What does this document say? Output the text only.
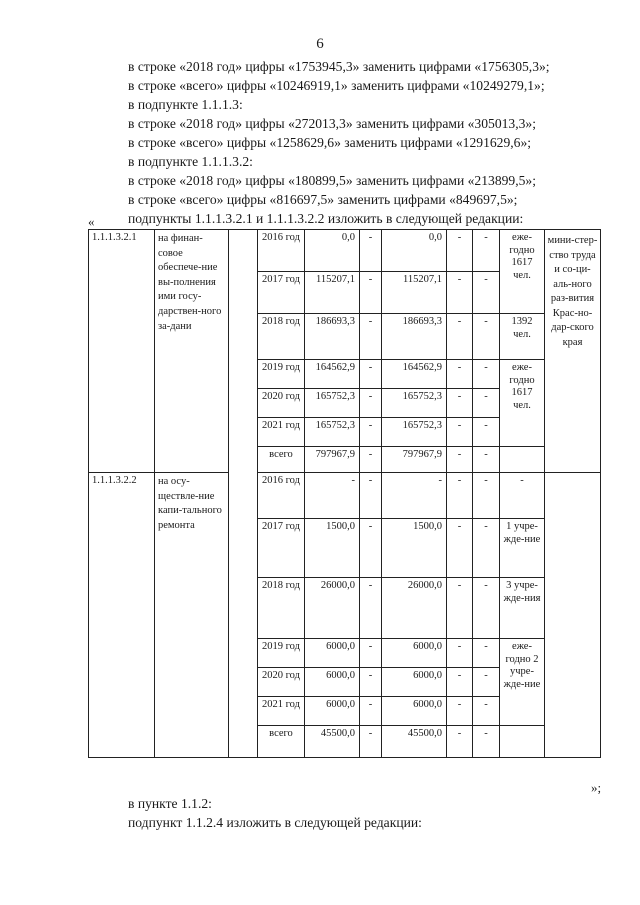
6
в строке «2018 год» цифры «1753945,3» заменить цифрами «1756305,3»;
в строке «всего» цифры «10246919,1» заменить цифрами «10249279,1»;
в подпункте 1.1.1.3:
в строке «2018 год» цифры «272013,3» заменить цифрами «305013,3»;
в строке «всего» цифры «1258629,6» заменить цифрами «1291629,6»;
в подпункте 1.1.1.3.2:
в строке «2018 год» цифры «180899,5» заменить цифрами «213899,5»;
в строке «всего» цифры «816697,5» заменить цифрами «849697,5»;
подпункты 1.1.1.3.2.1 и 1.1.1.3.2.2 изложить в следующей редакции:
«
1.1.1.3.2.1	на финан-совое обеспече-ние вы-полнения ими госу-дарствен-ного за-дани		2016 год	0,0	-	0,0	-	-	еже-годно 1617 чел.	мини-стер-ство труда и со-ци-аль-ного раз-вития Крас-но-дар-ского края
			2017 год	115207,1	-	115207,1	-	-		
			2018 год	186693,3	-	186693,3	-	-	1392 чел.	
			2019 год	164562,9	-	164562,9	-	-	еже-годно 1617 чел.	
			2020 год	165752,3	-	165752,3	-	-		
			2021 год	165752,3	-	165752,3	-	-		
			всего	797967,9	-	797967,9	-	-		
1.1.1.3.2.2	на осу-ществле-ние капи-тального ремонта		2016 год	-	-	-	-	-	-	
			2017 год	1500,0	-	1500,0	-	-	1 учре-жде-ние	
			2018 год	26000,0	-	26000,0	-	-	3 учре-жде-ния	
			2019 год	6000,0	-	6000,0	-	-	еже-годно 2 учре-жде-ние	
			2020 год	6000,0	-	6000,0	-	-		
			2021 год	6000,0	-	6000,0	-	-		
			всего	45500,0	-	45500,0	-	-		
»;
в пункте 1.1.2:
подпункт 1.1.2.4 изложить в следующей редакции:
